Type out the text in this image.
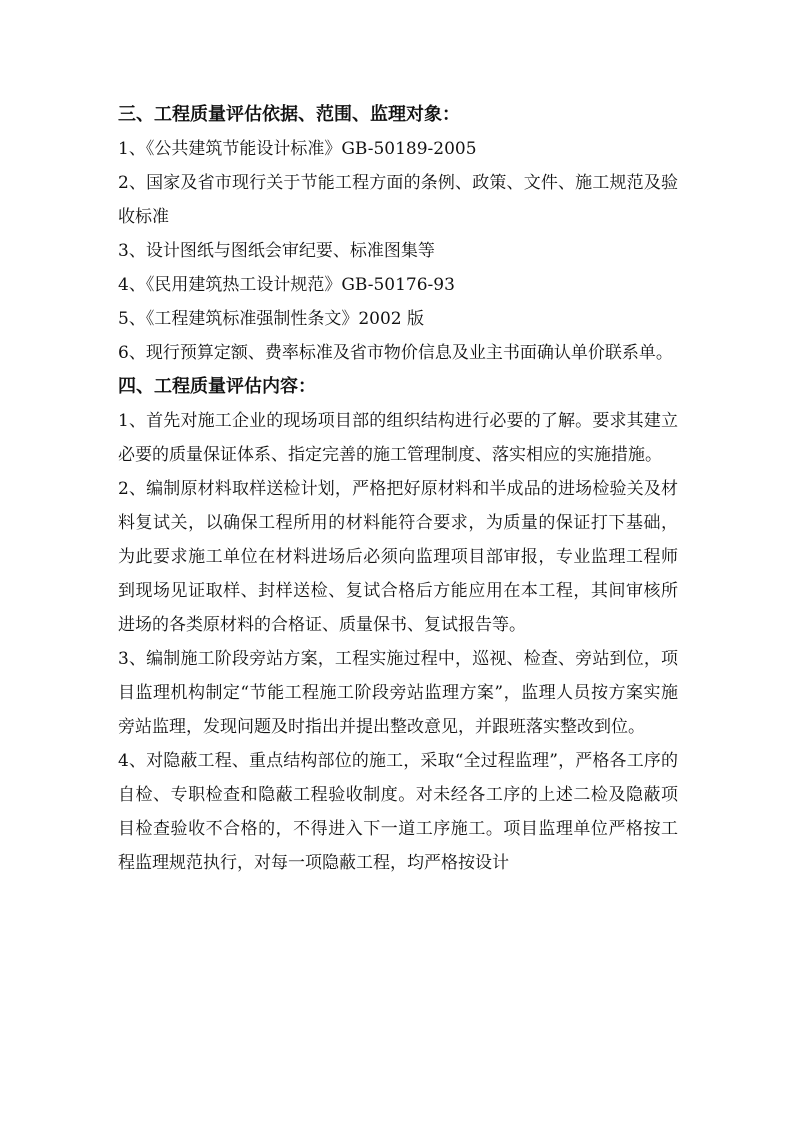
三、工程质量评估依据、范围、监理对象：

1、《公共建筑节能设计标准》GB-50189-2005

2、国家及省市现行关于节能工程方面的条例、政策、文件、施工规范及验收标准

3、设计图纸与图纸会审纪要、标准图集等

4、《民用建筑热工设计规范》GB-50176-93

5、《工程建筑标准强制性条文》2002 版

6、现行预算定额、费率标准及省市物价信息及业主书面确认单价联系单。

四、工程质量评估内容：

1、首先对施工企业的现场项目部的组织结构进行必要的了解。要求其建立必要的质量保证体系、指定完善的施工管理制度、落实相应的实施措施。

2、编制原材料取样送检计划，严格把好原材料和半成品的进场检验关及材料复试关，以确保工程所用的材料能符合要求，为质量的保证打下基础，为此要求施工单位在材料进场后必须向监理项目部审报，专业监理工程师到现场见证取样、封样送检、复试合格后方能应用在本工程，其间审核所进场的各类原材料的合格证、质量保书、复试报告等。

3、编制施工阶段旁站方案，工程实施过程中，巡视、检查、旁站到位，项目监理机构制定“节能工程施工阶段旁站监理方案”，监理人员按方案实施旁站监理，发现问题及时指出并提出整改意见，并跟班落实整改到位。

4、对隐蔽工程、重点结构部位的施工，采取“全过程监理”，严格各工序的自检、专职检查和隐蔽工程验收制度。对未经各工序的上述二检及隐蔽项目检查验收不合格的，不得进入下一道工序施工。项目监理单位严格按工程监理规范执行，对每一项隐蔽工程，均严格按设计
